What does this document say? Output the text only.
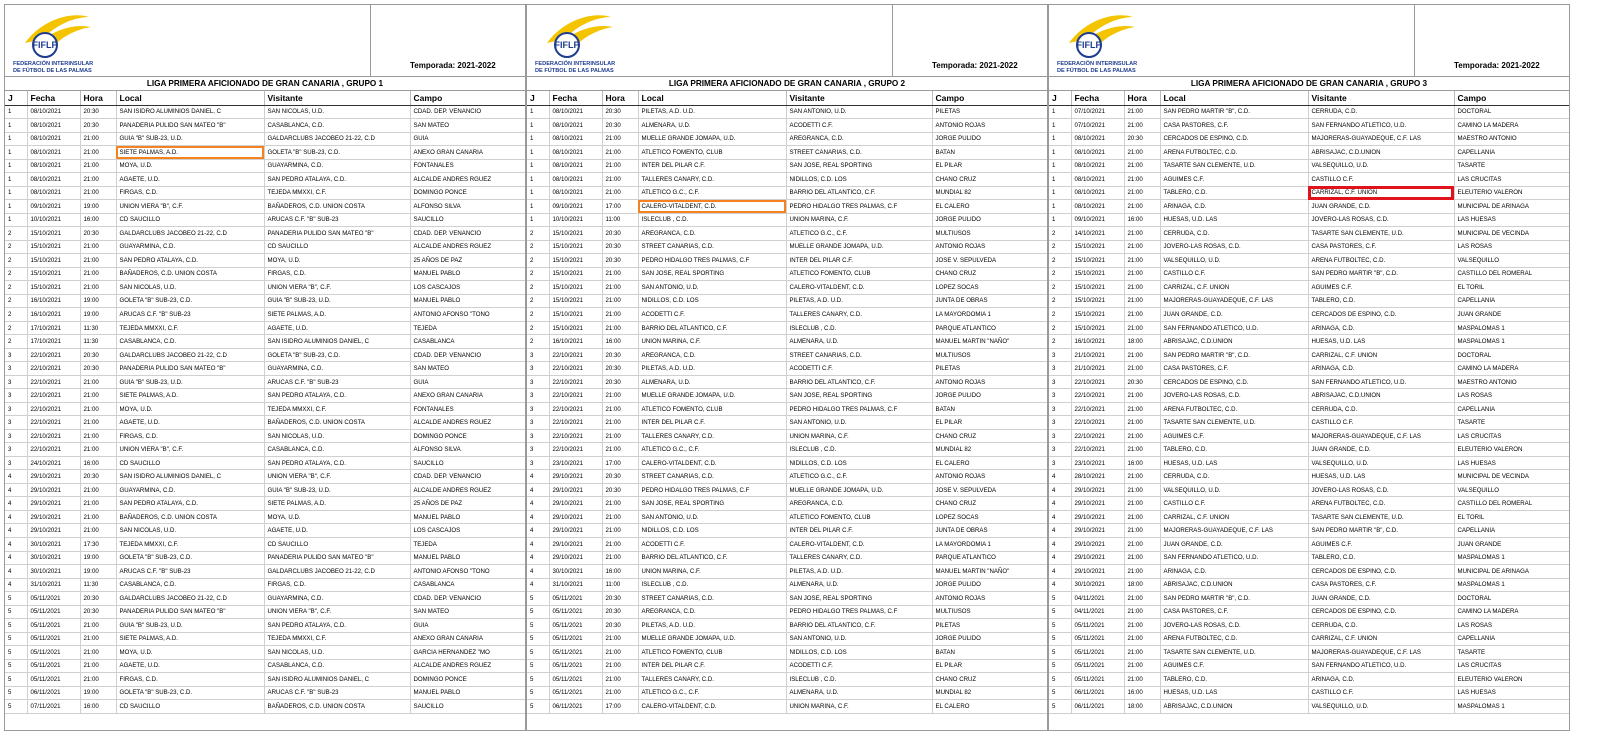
FIFLP
FEDERACIÓN INTERINSULAR
DE FÚTBOL DE LAS PALMAS
Temporada: 2021-2022
LIGA PRIMERA AFICIONADO DE GRAN CANARIA , GRUPO 1
J	Fecha	Hora	Local	Visitante	Campo
1	08/10/2021	20:30	SAN ISIDRO ALUMINIOS DANIEL, C	SAN NICOLAS, U.D.	CDAD. DEP. VENANCIO
1	08/10/2021	20:30	PANADERIA PULIDO SAN MATEO "B"	CASABLANCA, C.D.	SAN MATEO
1	08/10/2021	21:00	GUIA "B" SUB-23, U.D.	GALDARCLUBS JACOBEO 21-22, C.D	GUIA
1	08/10/2021	21:00	SIETE PALMAS, A.D.	GOLETA "B" SUB-23, C.D.	ANEXO GRAN CANARIA
1	08/10/2021	21:00	MOYA, U.D.	GUAYARMINA, C.D.	FONTANALES
1	08/10/2021	21:00	AGAETE, U.D.	SAN PEDRO ATALAYA, C.D.	ALCALDE ANDRES RGUEZ
1	08/10/2021	21:00	FIRGAS, C.D.	TEJEDA MMXXI, C.F.	DOMINGO PONCE
1	09/10/2021	19:00	UNION VIERA "B", C.F.	BAÑADEROS, C.D. UNION COSTA	ALFONSO SILVA
1	10/10/2021	16:00	CD SAUCILLO	ARUCAS C.F. "B" SUB-23	SAUCILLO
2	15/10/2021	20:30	GALDARCLUBS JACOBEO 21-22, C.D	PANADERIA PULIDO SAN MATEO "B"	CDAD. DEP. VENANCIO
2	15/10/2021	21:00	GUAYARMINA, C.D.	CD SAUCILLO	ALCALDE ANDRES RGUEZ
2	15/10/2021	21:00	SAN PEDRO ATALAYA, C.D.	MOYA, U.D.	25 AÑOS DE PAZ
2	15/10/2021	21:00	BAÑADEROS, C.D. UNION COSTA	FIRGAS, C.D.	MANUEL PABLO
2	15/10/2021	21:00	SAN NICOLAS, U.D.	UNION VIERA "B", C.F.	LOS CASCAJOS
2	16/10/2021	19:00	GOLETA "B" SUB-23, C.D.	GUIA "B" SUB-23, U.D.	MANUEL PABLO
2	16/10/2021	19:00	ARUCAS C.F. "B" SUB-23	SIETE PALMAS, A.D.	ANTONIO AFONSO "TONO
2	17/10/2021	11:30	TEJEDA MMXXI, C.F.	AGAETE, U.D.	TEJEDA
2	17/10/2021	11:30	CASABLANCA, C.D.	SAN ISIDRO ALUMINIOS DANIEL, C	CASABLANCA
3	22/10/2021	20:30	GALDARCLUBS JACOBEO 21-22, C.D	GOLETA "B" SUB-23, C.D.	CDAD. DEP. VENANCIO
3	22/10/2021	20:30	PANADERIA PULIDO SAN MATEO "B"	GUAYARMINA, C.D.	SAN MATEO
3	22/10/2021	21:00	GUIA "B" SUB-23, U.D.	ARUCAS C.F. "B" SUB-23	GUIA
3	22/10/2021	21:00	SIETE PALMAS, A.D.	SAN PEDRO ATALAYA, C.D.	ANEXO GRAN CANARIA
3	22/10/2021	21:00	MOYA, U.D.	TEJEDA MMXXI, C.F.	FONTANALES
3	22/10/2021	21:00	AGAETE, U.D.	BAÑADEROS, C.D. UNION COSTA	ALCALDE ANDRES RGUEZ
3	22/10/2021	21:00	FIRGAS, C.D.	SAN NICOLAS, U.D.	DOMINGO PONCE
3	22/10/2021	21:00	UNION VIERA "B", C.F.	CASABLANCA, C.D.	ALFONSO SILVA
3	24/10/2021	16:00	CD SAUCILLO	SAN PEDRO ATALAYA, C.D.	SAUCILLO
4	29/10/2021	20:30	SAN ISIDRO ALUMINIOS DANIEL, C	UNION VIERA "B", C.F.	CDAD. DEP. VENANCIO
4	29/10/2021	21:00	GUAYARMINA, C.D.	GUIA "B" SUB-23, U.D.	ALCALDE ANDRES RGUEZ
4	29/10/2021	21:00	SAN PEDRO ATALAYA, C.D.	SIETE PALMAS, A.D.	25 AÑOS DE PAZ
4	29/10/2021	21:00	BAÑADEROS, C.D. UNION COSTA	MOYA, U.D.	MANUEL PABLO
4	29/10/2021	21:00	SAN NICOLAS, U.D.	AGAETE, U.D.	LOS CASCAJOS
4	30/10/2021	17:30	TEJEDA MMXXI, C.F.	CD SAUCILLO	TEJEDA
4	30/10/2021	19:00	GOLETA "B" SUB-23, C.D.	PANADERIA PULIDO SAN MATEO "B"	MANUEL PABLO
4	30/10/2021	19:00	ARUCAS C.F. "B" SUB-23	GALDARCLUBS JACOBEO 21-22, C.D	ANTONIO AFONSO "TONO
4	31/10/2021	11:30	CASABLANCA, C.D.	FIRGAS, C.D.	CASABLANCA
5	05/11/2021	20:30	GALDARCLUBS JACOBEO 21-22, C.D	GUAYARMINA, C.D.	CDAD. DEP. VENANCIO
5	05/11/2021	20:30	PANADERIA PULIDO SAN MATEO "B"	UNION VIERA "B", C.F.	SAN MATEO
5	05/11/2021	21:00	GUIA "B" SUB-23, U.D.	SAN PEDRO ATALAYA, C.D.	GUIA
5	05/11/2021	21:00	SIETE PALMAS, A.D.	TEJEDA MMXXI, C.F.	ANEXO GRAN CANARIA
5	05/11/2021	21:00	MOYA, U.D.	SAN NICOLAS, U.D.	GARCIA HERNANDEZ "MO
5	05/11/2021	21:00	AGAETE, U.D.	CASABLANCA, C.D.	ALCALDE ANDRES RGUEZ
5	05/11/2021	21:00	FIRGAS, C.D.	SAN ISIDRO ALUMINIOS DANIEL, C	DOMINGO PONCE
5	06/11/2021	19:00	GOLETA "B" SUB-23, C.D.	ARUCAS C.F. "B" SUB-23	MANUEL PABLO
5	07/11/2021	16:00	CD SAUCILLO	BAÑADEROS, C.D. UNION COSTA	SAUCILLO
FIFLP
FEDERACIÓN INTERINSULAR
DE FÚTBOL DE LAS PALMAS
Temporada: 2021-2022
LIGA PRIMERA AFICIONADO DE GRAN CANARIA , GRUPO 2
J	Fecha	Hora	Local	Visitante	Campo
1	08/10/2021	20:30	PILETAS, A.D. U.D.	SAN ANTONIO, U.D.	PILETAS
1	08/10/2021	20:30	ALMENARA, U.D.	ACODETTI C.F.	ANTONIO ROJAS
1	08/10/2021	21:00	MUELLE GRANDE JOMAPA, U.D.	AREGRANCA, C.D.	JORGE PULIDO
1	08/10/2021	21:00	ATLETICO FOMENTO, CLUB	STREET CANARIAS, C.D.	BATAN
1	08/10/2021	21:00	INTER DEL PILAR C.F.	SAN JOSE, REAL SPORTING	EL PILAR
1	08/10/2021	21:00	TALLERES CANARY, C.D.	NIDILLOS, C.D. LOS	CHANO CRUZ
1	08/10/2021	21:00	ATLETICO G.C., C.F.	BARRIO DEL ATLANTICO, C.F.	MUNDIAL 82
1	09/10/2021	17:00	CALERO-VITALDENT, C.D.	PEDRO HIDALGO TRES PALMAS, C.F	EL CALERO
1	10/10/2021	11:00	ISLECLUB , C.D.	UNION MARINA, C.F.	JORGE PULIDO
2	15/10/2021	20:30	AREGRANCA, C.D.	ATLETICO G.C., C.F.	MULTIUSOS
2	15/10/2021	20:30	STREET CANARIAS, C.D.	MUELLE GRANDE JOMAPA, U.D.	ANTONIO ROJAS
2	15/10/2021	20:30	PEDRO HIDALGO TRES PALMAS, C.F	INTER DEL PILAR C.F.	JOSE V. SEPULVEDA
2	15/10/2021	21:00	SAN JOSE, REAL SPORTING	ATLETICO FOMENTO, CLUB	CHANO CRUZ
2	15/10/2021	21:00	SAN ANTONIO, U.D.	CALERO-VITALDENT, C.D.	LOPEZ SOCAS
2	15/10/2021	21:00	NIDILLOS, C.D. LOS	PILETAS, A.D. U.D.	JUNTA DE OBRAS
2	15/10/2021	21:00	ACODETTI C.F.	TALLERES CANARY, C.D.	LA MAYORDOMIA 1
2	15/10/2021	21:00	BARRIO DEL ATLANTICO, C.F.	ISLECLUB , C.D.	PARQUE ATLANTICO
2	16/10/2021	16:00	UNION MARINA, C.F.	ALMENARA, U.D.	MANUEL MARTIN "NAÑO"
3	22/10/2021	20:30	AREGRANCA, C.D.	STREET CANARIAS, C.D.	MULTIUSOS
3	22/10/2021	20:30	PILETAS, A.D. U.D.	ACODETTI C.F.	PILETAS
3	22/10/2021	20:30	ALMENARA, U.D.	BARRIO DEL ATLANTICO, C.F.	ANTONIO ROJAS
3	22/10/2021	21:00	MUELLE GRANDE JOMAPA, U.D.	SAN JOSE, REAL SPORTING	JORGE PULIDO
3	22/10/2021	21:00	ATLETICO FOMENTO, CLUB	PEDRO HIDALGO TRES PALMAS, C.F	BATAN
3	22/10/2021	21:00	INTER DEL PILAR C.F.	SAN ANTONIO, U.D.	EL PILAR
3	22/10/2021	21:00	TALLERES CANARY, C.D.	UNION MARINA, C.F.	CHANO CRUZ
3	22/10/2021	21:00	ATLETICO G.C., C.F.	ISLECLUB , C.D.	MUNDIAL 82
3	23/10/2021	17:00	CALERO-VITALDENT, C.D.	NIDILLOS, C.D. LOS	EL CALERO
4	29/10/2021	20:30	STREET CANARIAS, C.D.	ATLETICO G.C., C.F.	ANTONIO ROJAS
4	29/10/2021	20:30	PEDRO HIDALGO TRES PALMAS, C.F	MUELLE GRANDE JOMAPA, U.D.	JOSE V. SEPULVEDA
4	29/10/2021	21:00	SAN JOSE, REAL SPORTING	AREGRANCA, C.D.	CHANO CRUZ
4	29/10/2021	21:00	SAN ANTONIO, U.D.	ATLETICO FOMENTO, CLUB	LOPEZ SOCAS
4	29/10/2021	21:00	NIDILLOS, C.D. LOS	INTER DEL PILAR C.F.	JUNTA DE OBRAS
4	29/10/2021	21:00	ACODETTI C.F.	CALERO-VITALDENT, C.D.	LA MAYORDOMIA 1
4	29/10/2021	21:00	BARRIO DEL ATLANTICO, C.F.	TALLERES CANARY, C.D.	PARQUE ATLANTICO
4	30/10/2021	16:00	UNION MARINA, C.F.	PILETAS, A.D. U.D.	MANUEL MARTIN "NAÑO"
4	31/10/2021	11:00	ISLECLUB , C.D.	ALMENARA, U.D.	JORGE PULIDO
5	05/11/2021	20:30	STREET CANARIAS, C.D.	SAN JOSE, REAL SPORTING	ANTONIO ROJAS
5	05/11/2021	20:30	AREGRANCA, C.D.	PEDRO HIDALGO TRES PALMAS, C.F	MULTIUSOS
5	05/11/2021	20:30	PILETAS, A.D. U.D.	BARRIO DEL ATLANTICO, C.F.	PILETAS
5	05/11/2021	21:00	MUELLE GRANDE JOMAPA, U.D.	SAN ANTONIO, U.D.	JORGE PULIDO
5	05/11/2021	21:00	ATLETICO FOMENTO, CLUB	NIDILLOS, C.D. LOS	BATAN
5	05/11/2021	21:00	INTER DEL PILAR C.F.	ACODETTI C.F.	EL PILAR
5	05/11/2021	21:00	TALLERES CANARY, C.D.	ISLECLUB , C.D.	CHANO CRUZ
5	05/11/2021	21:00	ATLETICO G.C., C.F.	ALMENARA, U.D.	MUNDIAL 82
5	06/11/2021	17:00	CALERO-VITALDENT, C.D.	UNION MARINA, C.F.	EL CALERO
FIFLP
FEDERACIÓN INTERINSULAR
DE FÚTBOL DE LAS PALMAS
Temporada: 2021-2022
LIGA PRIMERA AFICIONADO DE GRAN CANARIA , GRUPO 3
J	Fecha	Hora	Local	Visitante	Campo
1	07/10/2021	21:00	SAN PEDRO MARTIR "B", C.D.	CERRUDA, C.D.	DOCTORAL
1	07/10/2021	21:00	CASA PASTORES, C.F.	SAN FERNANDO ATLETICO, U.D.	CAMINO LA MADERA
1	08/10/2021	20:30	CERCADOS DE ESPINO, C.D.	MAJORERAS-GUAYADEQUE, C.F. LAS	MAESTRO ANTONIO
1	08/10/2021	21:00	ARENA FUTBOLTEC, C.D.	ABRISAJAC, C.D.UNION	CAPELLANIA
1	08/10/2021	21:00	TASARTE SAN CLEMENTE, U.D.	VALSEQUILLO, U.D.	TASARTE
1	08/10/2021	21:00	AGUIMES C.F.	CASTILLO C.F.	LAS CRUCITAS
1	08/10/2021	21:00	TABLERO, C.D.	CARRIZAL, C.F. UNION	ELEUTERIO VALERON
1	08/10/2021	21:00	ARINAGA, C.D.	JUAN GRANDE, C.D.	MUNICIPAL DE ARINAGA
1	09/10/2021	16:00	HUESAS, U.D. LAS	JOVERO-LAS ROSAS, C.D.	LAS HUESAS
2	14/10/2021	21:00	CERRUDA, C.D.	TASARTE SAN CLEMENTE, U.D.	MUNICIPAL DE VECINDA
2	15/10/2021	21:00	JOVERO-LAS ROSAS, C.D.	CASA PASTORES, C.F.	LAS ROSAS
2	15/10/2021	21:00	VALSEQUILLO, U.D.	ARENA FUTBOLTEC, C.D.	VALSEQUILLO
2	15/10/2021	21:00	CASTILLO C.F.	SAN PEDRO MARTIR "B", C.D.	CASTILLO DEL ROMERAL
2	15/10/2021	21:00	CARRIZAL, C.F. UNION	AGUIMES C.F.	EL TORIL
2	15/10/2021	21:00	MAJORERAS-GUAYADEQUE, C.F. LAS	TABLERO, C.D.	CAPELLANIA
2	15/10/2021	21:00	JUAN GRANDE, C.D.	CERCADOS DE ESPINO, C.D.	JUAN GRANDE
2	15/10/2021	21:00	SAN FERNANDO ATLETICO, U.D.	ARINAGA, C.D.	MASPALOMAS 1
2	16/10/2021	18:00	ABRISAJAC, C.D.UNION	HUESAS, U.D. LAS	MASPALOMAS 1
3	21/10/2021	21:00	SAN PEDRO MARTIR "B", C.D.	CARRIZAL, C.F. UNION	DOCTORAL
3	21/10/2021	21:00	CASA PASTORES, C.F.	ARINAGA, C.D.	CAMINO LA MADERA
3	22/10/2021	20:30	CERCADOS DE ESPINO, C.D.	SAN FERNANDO ATLETICO, U.D.	MAESTRO ANTONIO
3	22/10/2021	21:00	JOVERO-LAS ROSAS, C.D.	ABRISAJAC, C.D.UNION	LAS ROSAS
3	22/10/2021	21:00	ARENA FUTBOLTEC, C.D.	CERRUDA, C.D.	CAPELLANIA
3	22/10/2021	21:00	TASARTE SAN CLEMENTE, U.D.	CASTILLO C.F.	TASARTE
3	22/10/2021	21:00	AGUIMES C.F.	MAJORERAS-GUAYADEQUE, C.F. LAS	LAS CRUCITAS
3	22/10/2021	21:00	TABLERO, C.D.	JUAN GRANDE, C.D.	ELEUTERIO VALERON
3	23/10/2021	16:00	HUESAS, U.D. LAS	VALSEQUILLO, U.D.	LAS HUESAS
4	28/10/2021	21:00	CERRUDA, C.D.	HUESAS, U.D. LAS	MUNICIPAL DE VECINDA
4	29/10/2021	21:00	VALSEQUILLO, U.D.	JOVERO-LAS ROSAS, C.D.	VALSEQUILLO
4	29/10/2021	21:00	CASTILLO C.F.	ARENA FUTBOLTEC, C.D.	CASTILLO DEL ROMERAL
4	29/10/2021	21:00	CARRIZAL, C.F. UNION	TASARTE SAN CLEMENTE, U.D.	EL TORIL
4	29/10/2021	21:00	MAJORERAS-GUAYADEQUE, C.F. LAS	SAN PEDRO MARTIR "B", C.D.	CAPELLANIA
4	29/10/2021	21:00	JUAN GRANDE, C.D.	AGUIMES C.F.	JUAN GRANDE
4	29/10/2021	21:00	SAN FERNANDO ATLETICO, U.D.	TABLERO, C.D.	MASPALOMAS 1
4	29/10/2021	21:00	ARINAGA, C.D.	CERCADOS DE ESPINO, C.D.	MUNICIPAL DE ARINAGA
4	30/10/2021	18:00	ABRISAJAC, C.D.UNION	CASA PASTORES, C.F.	MASPALOMAS 1
5	04/11/2021	21:00	SAN PEDRO MARTIR "B", C.D.	JUAN GRANDE, C.D.	DOCTORAL
5	04/11/2021	21:00	CASA PASTORES, C.F.	CERCADOS DE ESPINO, C.D.	CAMINO LA MADERA
5	05/11/2021	21:00	JOVERO-LAS ROSAS, C.D.	CERRUDA, C.D.	LAS ROSAS
5	05/11/2021	21:00	ARENA FUTBOLTEC, C.D.	CARRIZAL, C.F. UNION	CAPELLANIA
5	05/11/2021	21:00	TASARTE SAN CLEMENTE, U.D.	MAJORERAS-GUAYADEQUE, C.F. LAS	TASARTE
5	05/11/2021	21:00	AGUIMES C.F.	SAN FERNANDO ATLETICO, U.D.	LAS CRUCITAS
5	05/11/2021	21:00	TABLERO, C.D.	ARINAGA, C.D.	ELEUTERIO VALERON
5	06/11/2021	16:00	HUESAS, U.D. LAS	CASTILLO C.F.	LAS HUESAS
5	06/11/2021	18:00	ABRISAJAC, C.D.UNION	VALSEQUILLO, U.D.	MASPALOMAS 1
